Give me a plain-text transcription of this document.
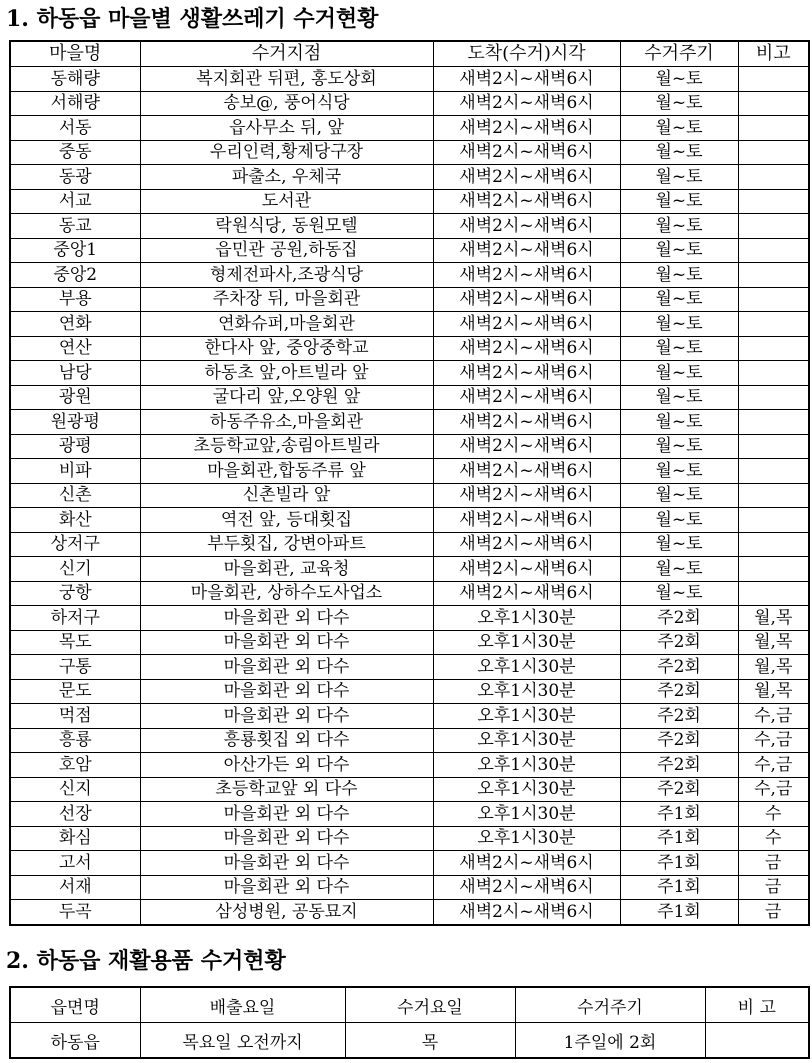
1. 하동읍 마을별 생활쓰레기 수거현황
마을명	수거지점	도착(수거)시각	수거주기	비고
동해량	복지회관 뒤편, 홍도상회	새벽2시~새벽6시	월~토	
서해량	송보@, 풍어식당	새벽2시~새벽6시	월~토	
서동	읍사무소 뒤, 앞	새벽2시~새벽6시	월~토	
중동	우리인력,황제당구장	새벽2시~새벽6시	월~토	
동광	파출소, 우체국	새벽2시~새벽6시	월~토	
서교	도서관	새벽2시~새벽6시	월~토	
동교	락원식당, 동원모텔	새벽2시~새벽6시	월~토	
중앙1	읍민관 공원,하동집	새벽2시~새벽6시	월~토	
중앙2	형제전파사,조광식당	새벽2시~새벽6시	월~토	
부용	주차장 뒤, 마을회관	새벽2시~새벽6시	월~토	
연화	연화슈퍼,마을회관	새벽2시~새벽6시	월~토	
연산	한다사 앞, 중앙중학교	새벽2시~새벽6시	월~토	
남당	하동초 앞,아트빌라 앞	새벽2시~새벽6시	월~토	
광원	굴다리 앞,오양원 앞	새벽2시~새벽6시	월~토	
원광평	하동주유소,마을회관	새벽2시~새벽6시	월~토	
광평	초등학교앞,송림아트빌라	새벽2시~새벽6시	월~토	
비파	마을회관,합동주류 앞	새벽2시~새벽6시	월~토	
신촌	신촌빌라 앞	새벽2시~새벽6시	월~토	
화산	역전 앞, 등대횟집	새벽2시~새벽6시	월~토	
상저구	부두횟집, 강변아파트	새벽2시~새벽6시	월~토	
신기	마을회관, 교육청	새벽2시~새벽6시	월~토	
궁항	마을회관, 상하수도사업소	새벽2시~새벽6시	월~토	
하저구	마을회관 외 다수	오후1시30분	주2회	월,목
목도	마을회관 외 다수	오후1시30분	주2회	월,목
구통	마을회관 외 다수	오후1시30분	주2회	월,목
문도	마을회관 외 다수	오후1시30분	주2회	월,목
먹점	마을회관 외 다수	오후1시30분	주2회	수,금
흥룡	흥룡횟집 외 다수	오후1시30분	주2회	수,금
호암	아산가든 외 다수	오후1시30분	주2회	수,금
신지	초등학교앞 외 다수	오후1시30분	주2회	수,금
선장	마을회관 외 다수	오후1시30분	주1회	수
화심	마을회관 외 다수	오후1시30분	주1회	수
고서	마을회관 외 다수	새벽2시~새벽6시	주1회	금
서재	마을회관 외 다수	새벽2시~새벽6시	주1회	금
두곡	삼성병원, 공동묘지	새벽2시~새벽6시	주1회	금
2. 하동읍 재활용품 수거현황
읍면명	배출요일	수거요일	수거주기	비 고
하동읍	목요일 오전까지	목	1주일에 2회	
